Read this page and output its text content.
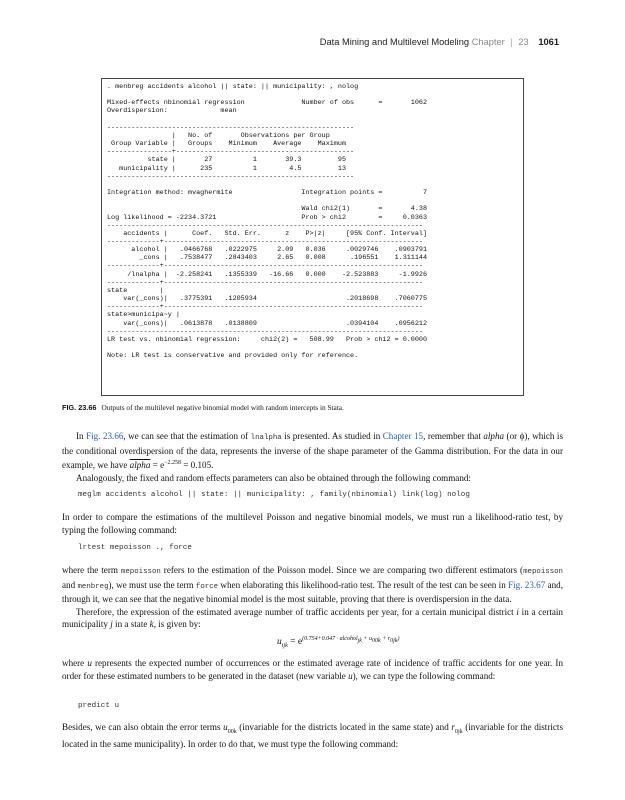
Data Mining and Multilevel Modeling Chapter | 23 1061
. menbreg accidents alcohol || state: || municipality: , nolog

Mixed-effects nbinomial regression              Number of obs      =       1062
Overdispersion:             mean

-------------------------------------------------------------
|   No. of       Observations per Group
Group Variable |   Groups    Minimum    Average    Maximum
----------------+--------------------------------------------
state |       27          1       39.3         95
municipality |      235          1        4.5         13
-------------------------------------------------------------

Integration method: mvaghermite                 Integration points =          7

Wald chi2(1)       =       4.38
Log likelihood = -2234.3721                     Prob > chi2        =     0.0363
------------------------------------------------------------------------------
accidents |      Coef.   Std. Err.      z    P>|z|     [95% Conf. Interval]
-------------+----------------------------------------------------------------
alcohol |   .0466768   .0222975     2.09   0.036     .0029746    .0903791
_cons |   .7538477   .2843403     2.65   0.008      .196551    1.311144
-------------+----------------------------------------------------------------
/lnalpha |  -2.258241   .1355339   -16.66   0.000    -2.523883     -1.9926
-------------+----------------------------------------------------------------
state        |
var(_cons)|   .3775391   .1205934                      .2018698    .7060775
-------------+----------------------------------------------------------------
state>municipa~y |
var(_cons)|   .0613878   .0138809                      .0394104    .0956212
------------------------------------------------------------------------------
LR test vs. nbinomial regression:     chi2(2) =   508.99   Prob > chi2 = 0.0000

Note: LR test is conservative and provided only for reference.

FIG. 23.66 Outputs of the multilevel negative binomial model with random intercepts in Stata.

In Fig. 23.66, we can see that the estimation of lnalpha is presented. As studied in Chapter 15, remember that alpha (or ϕ), which is the conditional overdispersion of the data, represents the inverse of the shape parameter of the Gamma distribution. For the data in our example, we have alpha = $e^{-2.258} = 0.105$.

Analogously, the fixed and random effects parameters can also be obtained through the following command:

meglm accidents alcohol || state: || municipality: , family(nbinomial) link(log) nolog

In order to compare the estimations of the multilevel Poisson and negative binomial models, we must run a likelihood-ratio test, by typing the following command:

lrtest mepoisson ., force

where the term mepoisson refers to the estimation of the Poisson model. Since we are comparing two different estimators (mepoisson and menbreg), we must use the term force when elaborating this likelihood-ratio test. The result of the test can be seen in Fig. 23.67 and, through it, we can see that the negative binomial model is the most suitable, proving that there is overdispersion in the data.

Therefore, the expression of the estimated average number of traffic accidents per year, for a certain municipal district i in a certain municipality j in a state k, is given by:

$u_{ijk} = e^{(0.754+0.047 \cdot alcohol_{jk} + u_{00k} + r_{0jk})}$

where u represents the expected number of occurrences or the estimated average rate of incidence of traffic accidents for one year. In order for these estimated numbers to be generated in the dataset (new variable u), we can type the following command:

predict u

Besides, we can also obtain the error terms $u_{00k}$ (invariable for the districts located in the same state) and $r_{0jk}$ (invariable for the districts located in the same municipality). In order to do that, we must type the following command:
